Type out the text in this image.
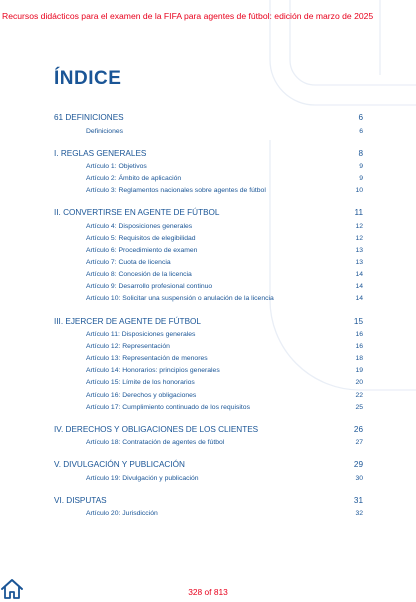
Recursos didácticos para el examen de la FIFA para agentes de fútbol: edición de marzo de 2025
ÍNDICE
61 DEFINICIONES	6
Definiciones	6
I. REGLAS GENERALES	8
Artículo 1: Objetivos	9
Artículo 2: Ámbito de aplicación	9
Artículo 3: Reglamentos nacionales sobre agentes de fútbol	10
II. CONVERTIRSE EN AGENTE DE FÚTBOL	11
Artículo 4: Disposiciones generales	12
Artículo 5: Requisitos de elegibilidad	12
Artículo 6: Procedimiento de examen	13
Artículo 7: Cuota de licencia	13
Artículo 8: Concesión de la licencia	14
Artículo 9: Desarrollo profesional continuo	14
Artículo 10: Solicitar una suspensión o anulación de la licencia	14
III. EJERCER DE AGENTE DE FÚTBOL	15
Artículo 11: Disposiciones generales	16
Artículo 12: Representación	16
Artículo 13: Representación de menores	18
Artículo 14: Honorarios: principios generales	19
Artículo 15: Límite de los honorarios	20
Artículo 16: Derechos y obligaciones	22
Artículo 17: Cumplimiento continuado de los requisitos	25
IV. DERECHOS Y OBLIGACIONES DE LOS CLIENTES	26
Artículo 18: Contratación de agentes de fútbol	27
V. DIVULGACIÓN Y PUBLICACIÓN	29
Artículo 19: Divulgación y publicación	30
VI. DISPUTAS	31
Artículo 20: Jurisdicción	32
328 of 813
